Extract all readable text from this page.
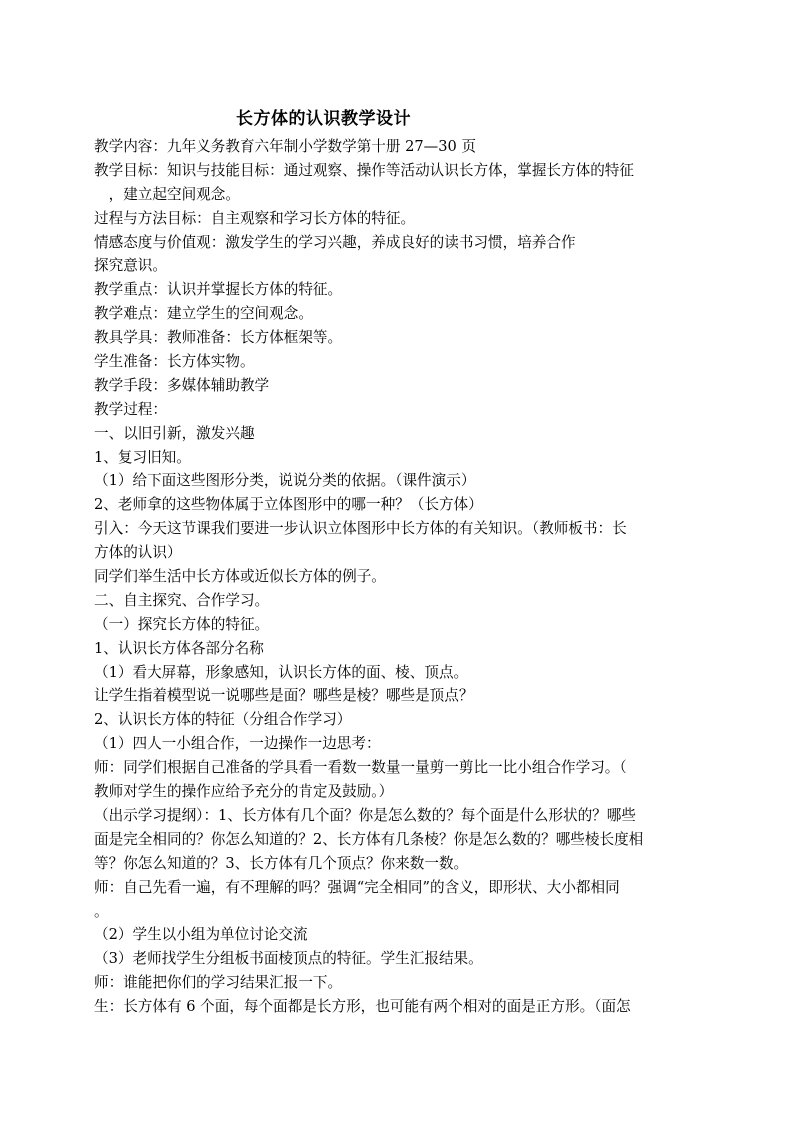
长方体的认识教学设计
教学内容：九年义务教育六年制小学数学第十册 27—30 页
教学目标：知识与技能目标：通过观察、操作等活动认识长方体，掌握长方体的特征
　，建立起空间观念。
过程与方法目标：自主观察和学习长方体的特征。
情感态度与价值观：激发学生的学习兴趣，养成良好的读书习惯，培养合作
探究意识。
教学重点：认识并掌握长方体的特征。
教学难点：建立学生的空间观念。
教具学具：教师准备：长方体框架等。
学生准备：长方体实物。
教学手段：多媒体辅助教学
教学过程：
一、以旧引新，激发兴趣
1、复习旧知。
（1）给下面这些图形分类，说说分类的依据。（课件演示）
2、老师拿的这些物体属于立体图形中的哪一种？（长方体）
引入：今天这节课我们要进一步认识立体图形中长方体的有关知识。（教师板书：长
方体的认识）
同学们举生活中长方体或近似长方体的例子。
二、自主探究、合作学习。
（一）探究长方体的特征。
1、认识长方体各部分名称
（1）看大屏幕，形象感知，认识长方体的面、棱、顶点。
让学生指着模型说一说哪些是面？哪些是棱？哪些是顶点？
2、认识长方体的特征（分组合作学习）
（1）四人一小组合作，一边操作一边思考：
师：同学们根据自己准备的学具看一看数一数量一量剪一剪比一比小组合作学习。（
教师对学生的操作应给予充分的肯定及鼓励。）
（出示学习提纲）：1、长方体有几个面？你是怎么数的？每个面是什么形状的？哪些
面是完全相同的？你怎么知道的？2、长方体有几条棱？你是怎么数的？哪些棱长度相
等？你怎么知道的？3、长方体有几个顶点？你来数一数。
师：自己先看一遍，有不理解的吗？强调“完全相同”的含义，即形状、大小都相同
。
（2）学生以小组为单位讨论交流
（3）老师找学生分组板书面棱顶点的特征。学生汇报结果。
师：谁能把你们的学习结果汇报一下。
生：长方体有 6 个面，每个面都是长方形，也可能有两个相对的面是正方形。（面怎
